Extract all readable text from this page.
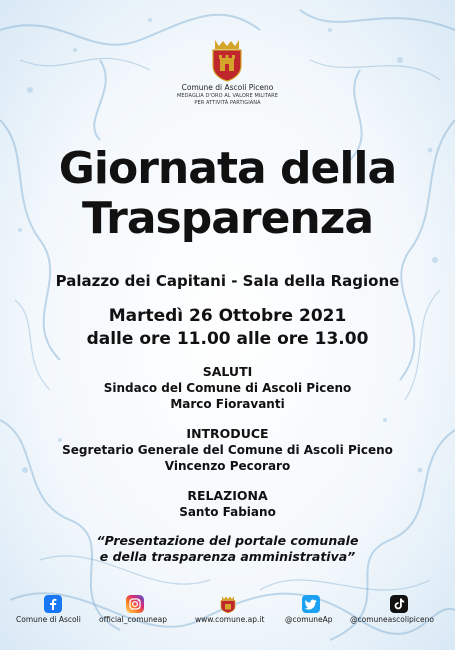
Comune di Ascoli Piceno
MEDAGLIA D'ORO AL VALORE MILITARE
PER ATTIVITÀ PARTIGIANA
Giornata della
Trasparenza
Palazzo dei Capitani - Sala della Ragione
Martedì 26 Ottobre 2021
dalle ore 11.00 alle ore 13.00
SALUTI
Sindaco del Comune di Ascoli Piceno
Marco Fioravanti
INTRODUCE
Segretario Generale del Comune di Ascoli Piceno
Vincenzo Pecoraro
RELAZIONA
Santo Fabiano
“Presentazione del portale comunale
e della trasparenza amministrativa”
Comune di Ascoli official_comuneap	www.comune.ap.it	@comuneAp @comuneascolipiceno
